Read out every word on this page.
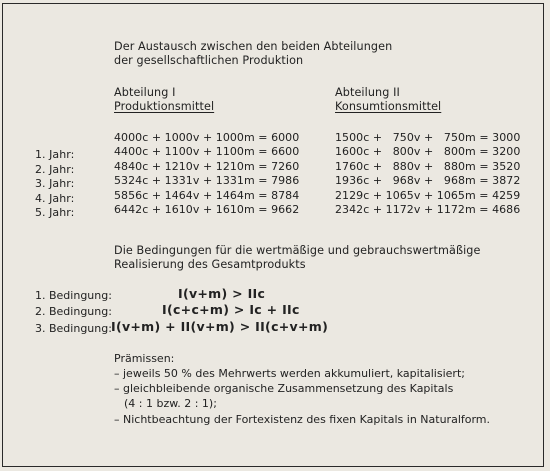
Der Austausch zwischen den beiden Abteilungen
der gesellschaftlichen Produktion
Abteilung I
Produktionsmittel
Abteilung II
Konsumtionsmittel
4000c + 1000v + 1000m = 6000
4400c + 1100v + 1100m = 6600
4840c + 1210v + 1210m = 7260
5324c + 1331v + 1331m = 7986
5856c + 1464v + 1464m = 8784
6442c + 1610v + 1610m = 9662
1500c +   750v +   750m = 3000
1600c +   800v +   800m = 3200
1760c +   880v +   880m = 3520
1936c +   968v +   968m = 3872
2129c + 1065v + 1065m = 4259
2342c + 1172v + 1172m = 4686
1. Jahr:
2. Jahr:
3. Jahr:
4. Jahr:
5. Jahr:
Die Bedingungen für die wertmäßige und gebrauchswertmäßige
Realisierung des Gesamtprodukts
1. Bedingung:	I(v+m) > IIc
2. Bedingung:	I(c+c+m) > Ic + IIc
3. Bedingung: I(v+m) + II(v+m) > II(c+v+m)
Prämissen:
– jeweils 50 % des Mehrwerts werden akkumuliert, kapitalisiert;
– gleichbleibende organische Zusammensetzung des Kapitals
(4 : 1 bzw. 2 : 1);
– Nichtbeachtung der Fortexistenz des fixen Kapitals in Naturalform.
